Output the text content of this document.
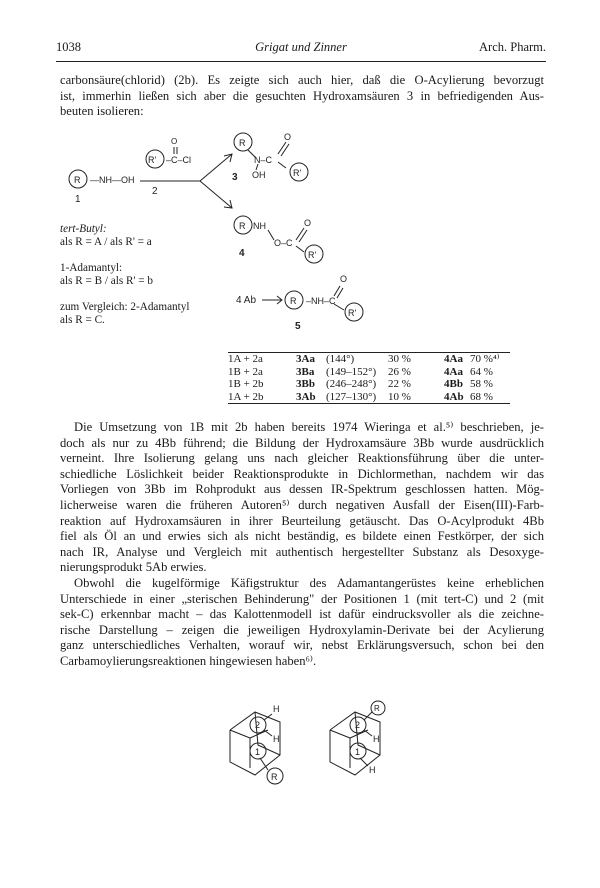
1038	Grigat und Zinner	Arch. Pharm.
carbonsäure(chlorid) (2b). Es zeigte sich auch hier, daß die O-Acylierung bevorzugt
ist, immerhin ließen sich aber die gesuchten Hydroxamsäuren 3 in befriedigenden Aus-
beuten isolieren:
R —NH—OH
1
R'
O
–C–Cl
2
R
O
N–C
OH	R'
3
R NH	O
O–C
R'
4
4 Ab	R –NH–C
O
R'
5
tert-Butyl:
als R = A / als R' = a
1-Adamantyl:
als R = B / als R' = b
zum Vergleich: 2-Adamantyl
als R = C.
1A + 2a	3Aa	(144°)	30 %	4Aa	70 %⁴⁾
1B + 2a	3Ba	(149–152°)	26 %	4Aa	64 %
1B + 2b	3Bb	(246–248°)	22 %	4Bb	58 %
1A + 2b	3Ab	(127–130°)	10 %	4Ab	68 %
Die Umsetzung von 1B mit 2b haben bereits 1974 Wieringa et al.⁵⁾ beschrieben, je-
doch als nur zu 4Bb führend; die Bildung der Hydroxamsäure 3Bb wurde ausdrücklich
verneint. Ihre Isolierung gelang uns nach gleicher Reaktionsführung über die unter-
schiedliche Löslichkeit beider Reaktionsprodukte in Dichlormethan, nachdem wir das
Vorliegen von 3Bb im Rohprodukt aus dessen IR-Spektrum geschlossen hatten. Mög-
licherweise waren die früheren Autoren⁵⁾ durch negativen Ausfall der Eisen(III)-Farb-
reaktion auf Hydroxamsäuren in ihrer Beurteilung getäuscht. Das O-Acylprodukt 4Bb
fiel als Öl an und erwies sich als nicht beständig, es bildete einen Festkörper, der sich
nach IR, Analyse und Vergleich mit authentisch hergestellter Substanz als Desoxyge-
nierungsprodukt 5Ab erwies.
Obwohl die kugelförmige Käfigstruktur des Adamantangerüstes keine erheblichen
Unterschiede in einer „sterischen Behinderung" der Positionen 1 (mit tert-C) und 2 (mit
sek-C) erkennbar macht – das Kalottenmodell ist dafür eindrucksvoller als die zeichne-
rische Darstellung – zeigen die jeweiligen Hydroxylamin-Derivate bei der Acylierung
ganz unterschiedliches Verhalten, worauf wir, nebst Erklärungsversuch, schon bei den
Carbamoylierungsreaktionen hingewiesen haben⁶⁾.
2
1
H
H
R
2
1
R
H
H
